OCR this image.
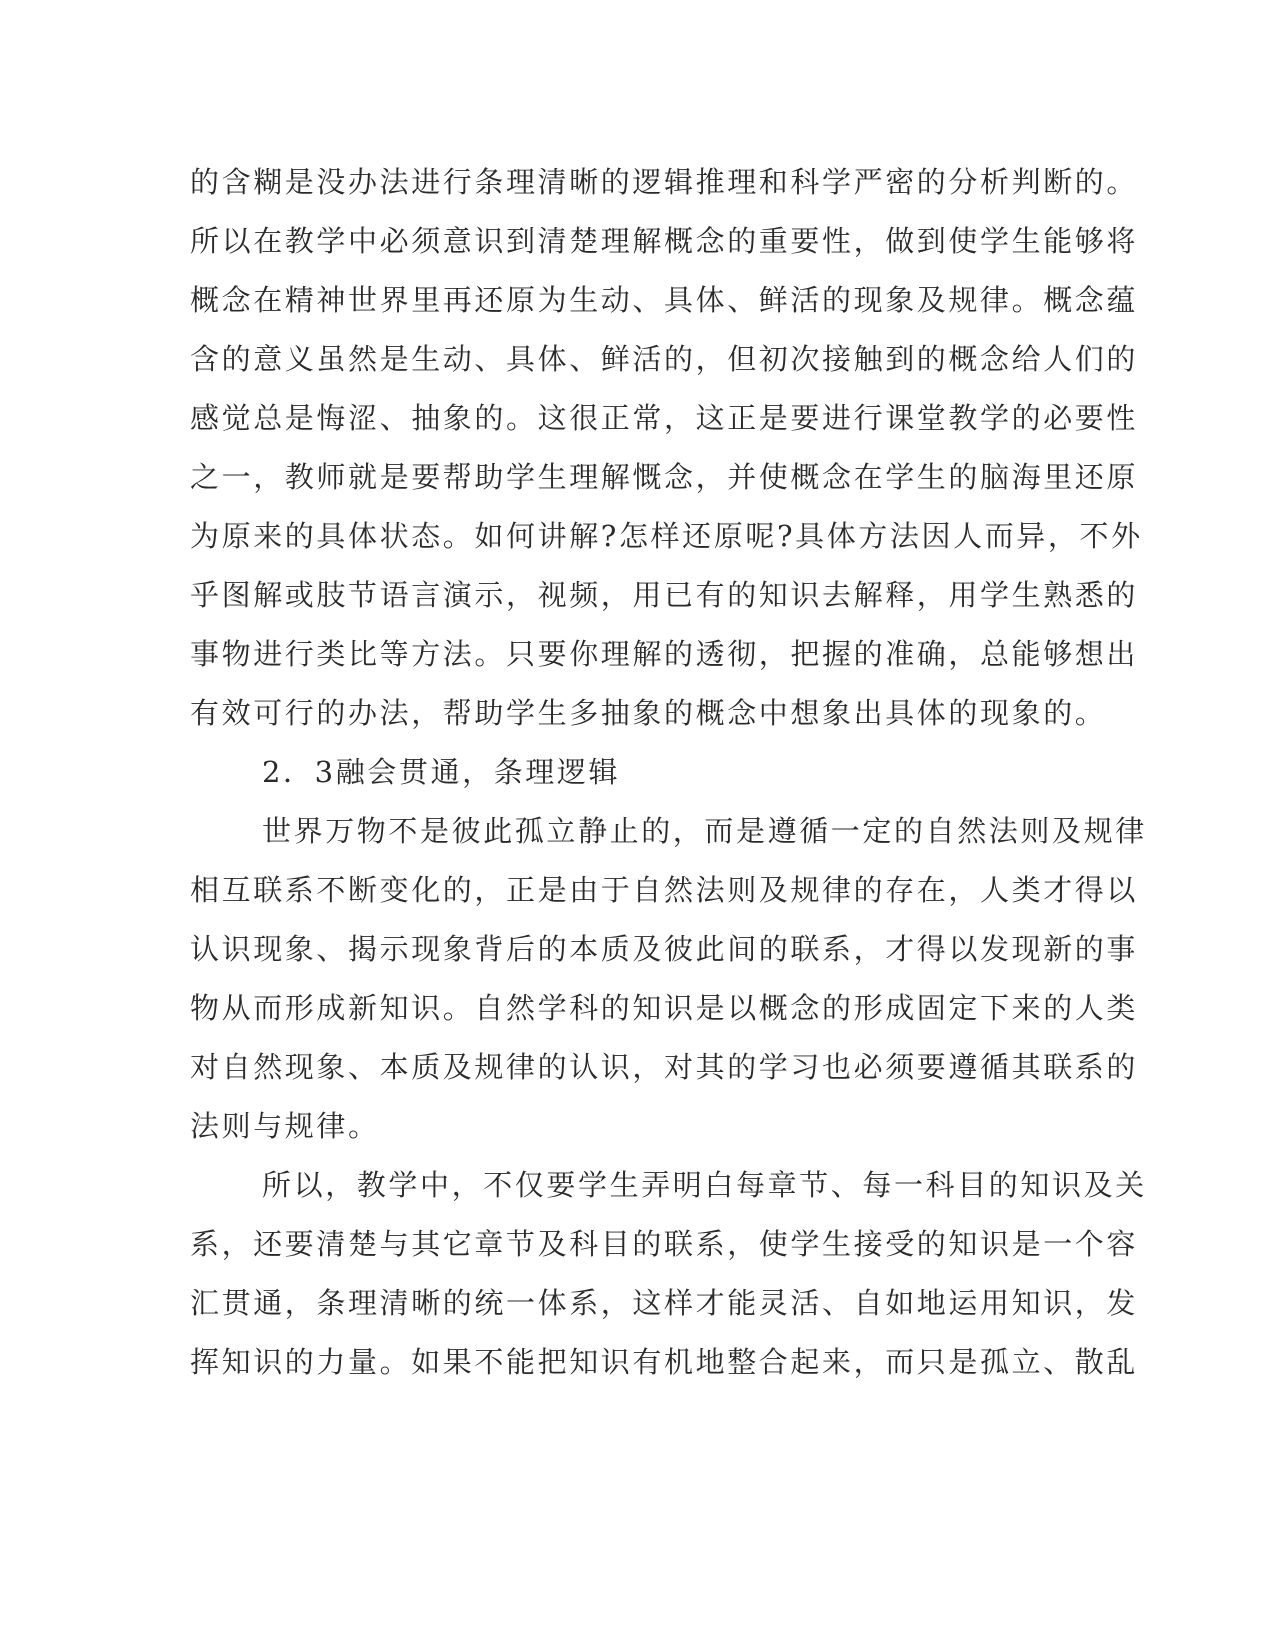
的含糊是没办法进行条理清晰的逻辑推理和科学严密的分析判断的。
所以在教学中必须意识到清楚理解概念的重要性，做到使学生能够将
概念在精神世界里再还原为生动、具体、鲜活的现象及规律。概念蕴
含的意义虽然是生动、具体、鲜活的，但初次接触到的概念给人们的
感觉总是悔涩、抽象的。这很正常，这正是要进行课堂教学的必要性
之一，教师就是要帮助学生理解慨念，并使概念在学生的脑海里还原
为原来的具体状态。如何讲解?怎样还原呢?具体方法因人而异，不外
乎图解或肢节语言演示，视频，用已有的知识去解释，用学生熟悉的
事物进行类比等方法。只要你理解的透彻，把握的准确，总能够想出
有效可行的办法，帮助学生多抽象的概念中想象出具体的现象的。
2．3融会贯通，条理逻辑
世界万物不是彼此孤立静止的，而是遵循一定的自然法则及规律
相互联系不断变化的，正是由于自然法则及规律的存在，人类才得以
认识现象、揭示现象背后的本质及彼此间的联系，才得以发现新的事
物从而形成新知识。自然学科的知识是以概念的形成固定下来的人类
对自然现象、本质及规律的认识，对其的学习也必须要遵循其联系的
法则与规律。
所以，教学中，不仅要学生弄明白每章节、每一科目的知识及关
系，还要清楚与其它章节及科目的联系，使学生接受的知识是一个容
汇贯通，条理清晰的统一体系，这样才能灵活、自如地运用知识，发
挥知识的力量。如果不能把知识有机地整合起来，而只是孤立、散乱
